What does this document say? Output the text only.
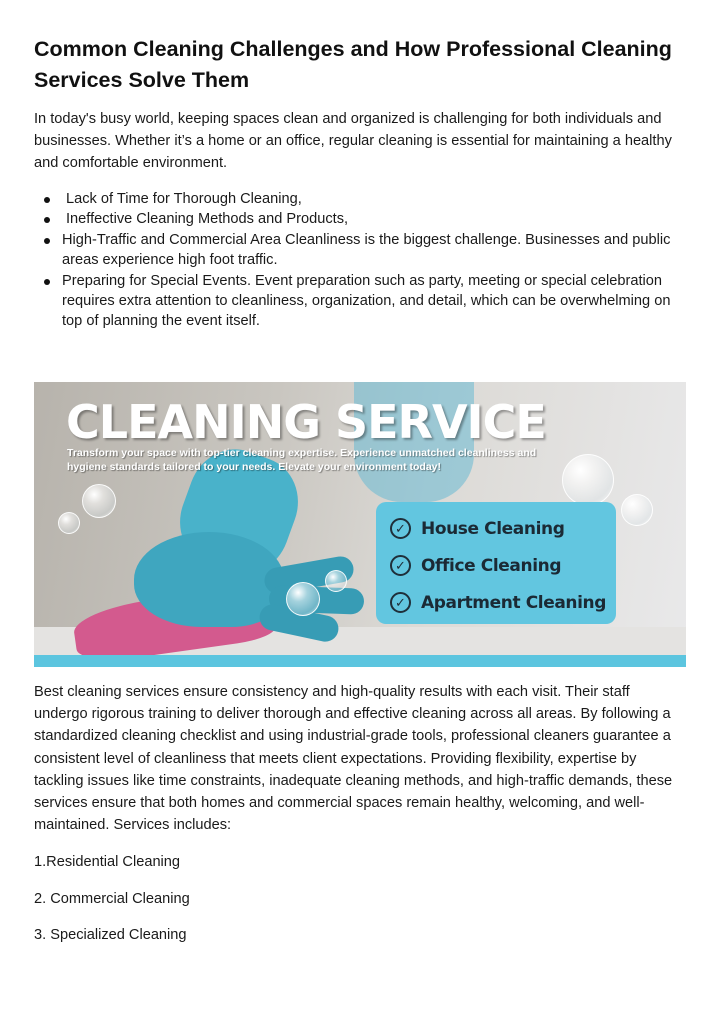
Common Cleaning Challenges and How Professional Cleaning Services Solve Them

In today's busy world, keeping spaces clean and organized is challenging for both individuals and businesses. Whether it’s a home or an office, regular cleaning is essential for maintaining a healthy and comfortable environment.

Lack of Time for Thorough Cleaning,
Ineffective Cleaning Methods and Products,
High-Traffic and Commercial Area Cleanliness is the biggest challenge. Businesses and public areas experience high foot traffic.
Preparing for Special Events. Event preparation such as party, meeting or special celebration requires extra attention to cleanliness, organization, and detail, which can be overwhelming on top of planning the event itself.
CLEANING SERVICE

Transform your space with top-tier cleaning expertise. Experience unmatched cleanliness and hygiene standards tailored to your needs. Elevate your environment today!

✓ House Cleaning
✓ Office Cleaning
✓ Apartment Cleaning

Best cleaning services ensure consistency and high-quality results with each visit. Their staff undergo rigorous training to deliver thorough and effective cleaning across all areas. By following a standardized cleaning checklist and using industrial-grade tools, professional cleaners guarantee a consistent level of cleanliness that meets client expectations. Providing flexibility, expertise by tackling issues like time constraints, inadequate cleaning methods, and high-traffic demands, these services ensure that both homes and commercial spaces remain healthy, welcoming, and well-maintained. Services includes:

1.Residential Cleaning

2. Commercial Cleaning

3. Specialized Cleaning
